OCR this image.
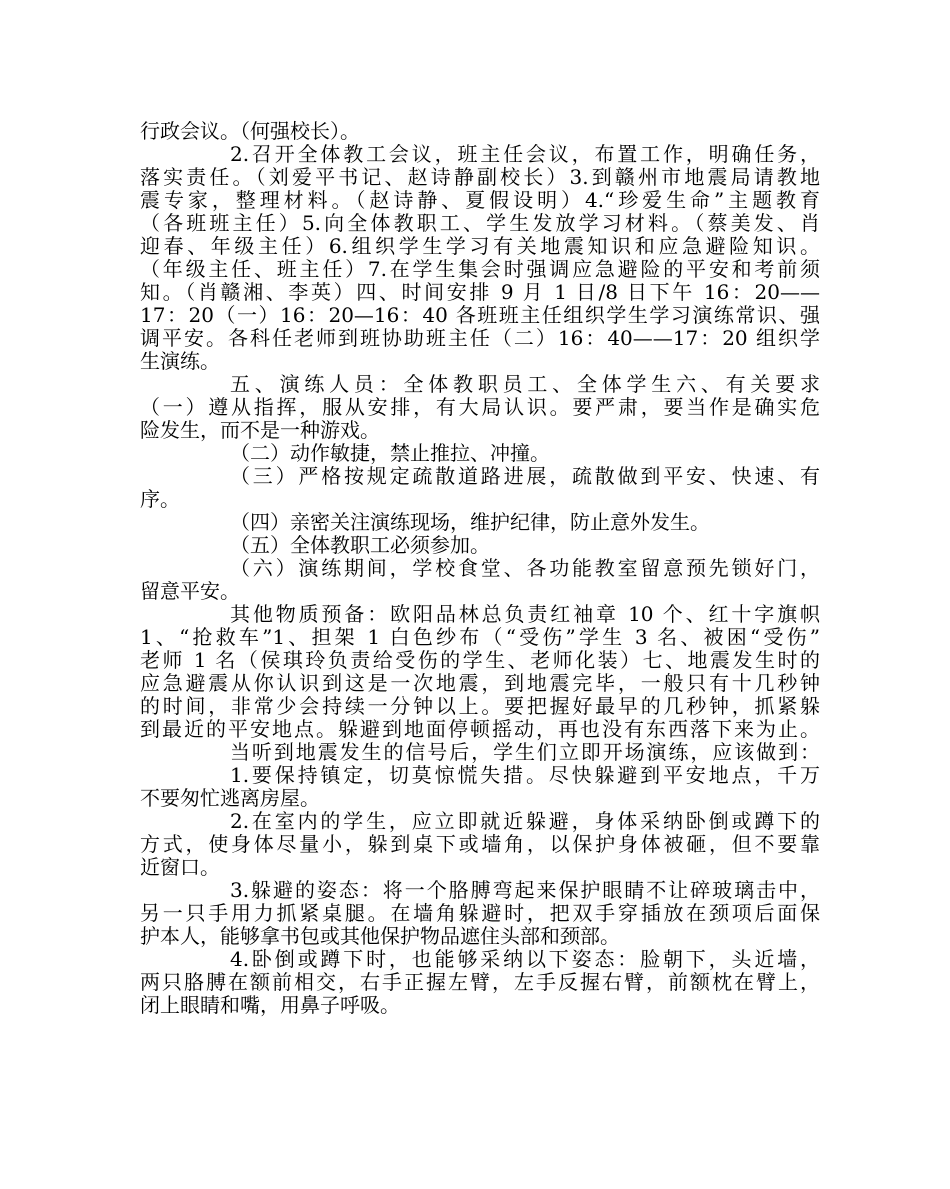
行政会议。（何强校长）。
2.召开全体教工会议，班主任会议，布置工作，明确任务，
落实责任。（刘爱平书记、赵诗静副校长）3.到赣州市地震局请教地
震专家，整理材料。（赵诗静、夏假设明）4.“珍爱生命”主题教育
（各班班主任）5.向全体教职工、学生发放学习材料。（蔡美发、肖
迎春、年级主任）6.组织学生学习有关地震知识和应急避险知识。
（年级主任、班主任）7.在学生集会时强调应急避险的平安和考前须
知。（肖赣湘、李英）四、时间安排 9 月 1 日/8 日下午 16：20——
17：20（一）16：20—16：40 各班班主任组织学生学习演练常识、强
调平安。各科任老师到班协助班主任（二）16：40——17：20 组织学
生演练。
五、演练人员：全体教职员工、全体学生六、有关要求
（一）遵从指挥，服从安排，有大局认识。要严肃，要当作是确实危
险发生，而不是一种游戏。
（二）动作敏捷，禁止推拉、冲撞。
（三）严格按规定疏散道路进展，疏散做到平安、快速、有
序。
（四）亲密关注演练现场，维护纪律，防止意外发生。
（五）全体教职工必须参加。
（六）演练期间，学校食堂、各功能教室留意预先锁好门，
留意平安。
其他物质预备：欧阳品林总负责红袖章 10 个、红十字旗帜
1、“抢救车”1、担架 1 白色纱布（“受伤”学生 3 名、被困“受伤”
老师 1 名（侯琪玲负责给受伤的学生、老师化装）七、地震发生时的
应急避震从你认识到这是一次地震，到地震完毕，一般只有十几秒钟
的时间，非常少会持续一分钟以上。要把握好最早的几秒钟，抓紧躲
到最近的平安地点。躲避到地面停顿摇动，再也没有东西落下来为止。
当听到地震发生的信号后，学生们立即开场演练，应该做到：
1.要保持镇定，切莫惊慌失措。尽快躲避到平安地点，千万
不要匆忙逃离房屋。
2.在室内的学生，应立即就近躲避，身体采纳卧倒或蹲下的
方式，使身体尽量小，躲到桌下或墙角，以保护身体被砸，但不要靠
近窗口。
3.躲避的姿态：将一个胳膊弯起来保护眼睛不让碎玻璃击中，
另一只手用力抓紧桌腿。在墙角躲避时，把双手穿插放在颈项后面保
护本人，能够拿书包或其他保护物品遮住头部和颈部。
4.卧倒或蹲下时，也能够采纳以下姿态：脸朝下，头近墙，
两只胳膊在额前相交，右手正握左臂，左手反握右臂，前额枕在臂上，
闭上眼睛和嘴，用鼻子呼吸。
